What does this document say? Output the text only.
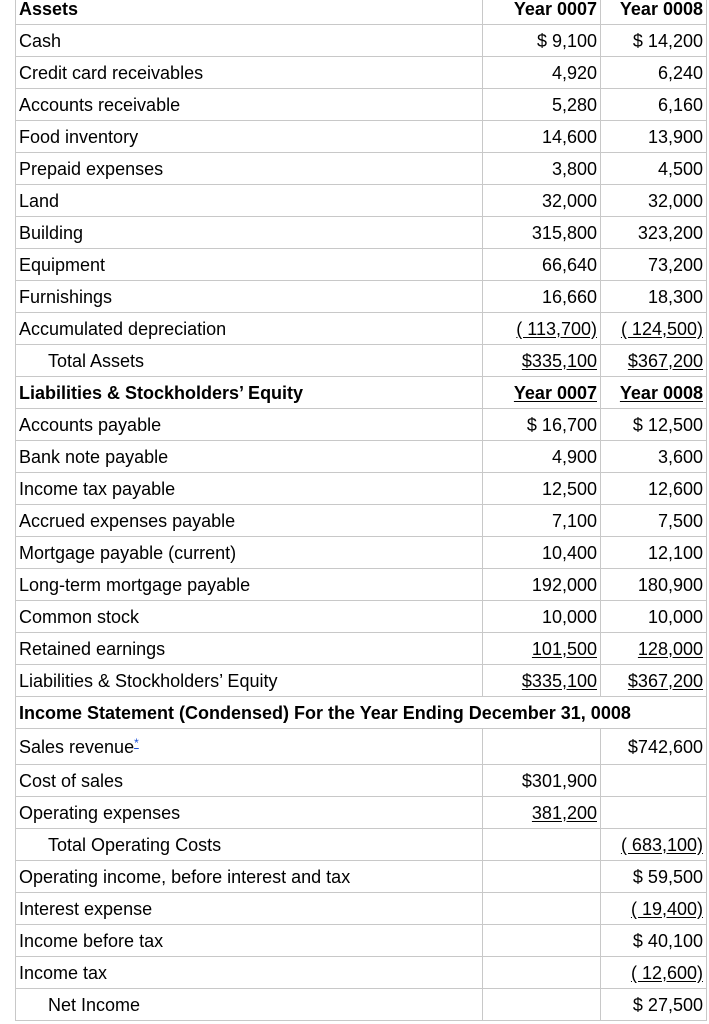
Assets	Year 0007	Year 0008
Cash	$ 9,100	$ 14,200
Credit card receivables	4,920	6,240
Accounts receivable	5,280	6,160
Food inventory	14,600	13,900
Prepaid expenses	3,800	4,500
Land	32,000	32,000
Building	315,800	323,200
Equipment	66,640	73,200
Furnishings	16,660	18,300
Accumulated depreciation	( 113,700)	( 124,500)
Total Assets	$335,100	$367,200
Liabilities & Stockholders’ Equity	Year 0007	Year 0008
Accounts payable	$ 16,700	$ 12,500
Bank note payable	4,900	3,600
Income tax payable	12,500	12,600
Accrued expenses payable	7,100	7,500
Mortgage payable (current)	10,400	12,100
Long-term mortgage payable	192,000	180,900
Common stock	10,000	10,000
Retained earnings	101,500	128,000
Liabilities & Stockholders’ Equity	$335,100	$367,200
Income Statement (Condensed) For the Year Ending December 31, 0008		
Sales revenue*		$742,600
Cost of sales	$301,900	
Operating expenses	381,200	
Total Operating Costs		( 683,100)
Operating income, before interest and tax		$ 59,500
Interest expense		( 19,400)
Income before tax		$ 40,100
Income tax		( 12,600)
Net Income		$ 27,500
